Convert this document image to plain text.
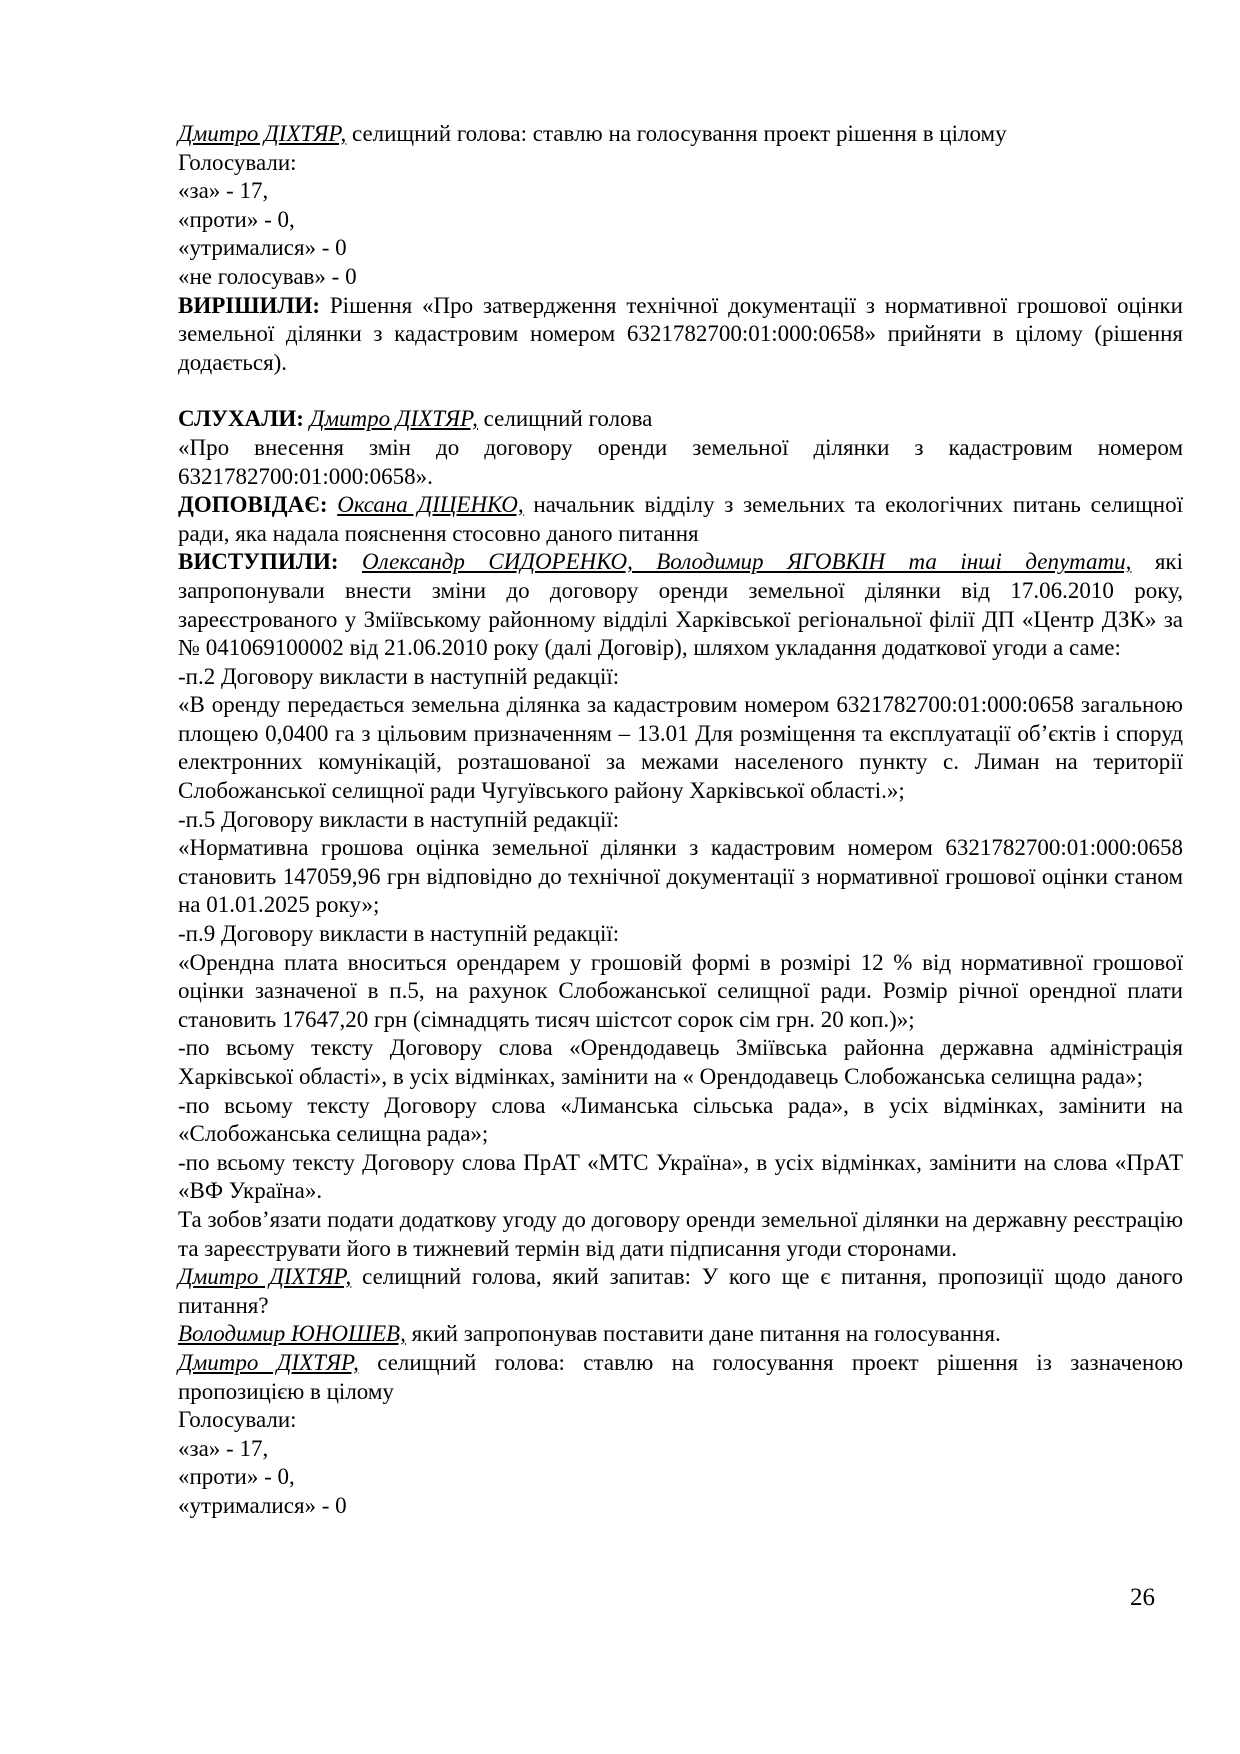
Дмитро ДІХТЯР, селищний голова: ставлю на голосування проект рішення в цілому

Голосували:

«за» - 17,

«проти» - 0,

«утрималися» - 0

«не голосував» - 0

ВИРІШИЛИ: Рішення «Про затвердження технічної документації з нормативної грошової оцінки земельної ділянки з кадастровим номером 6321782700:01:000:0658» прийняти в цілому (рішення додається).

СЛУХАЛИ: Дмитро ДІХТЯР, селищний голова

«Про внесення змін до договору оренди земельної ділянки з кадастровим номером 6321782700:01:000:0658».

ДОПОВІДАЄ: Оксана ДІЦЕНКО, начальник відділу з земельних та екологічних питань селищної ради, яка надала пояснення стосовно даного питання

ВИСТУПИЛИ: Олександр СИДОРЕНКО, Володимир ЯГОВКІН та інші депутати, які запропонували внести зміни до договору оренди земельної ділянки від 17.06.2010 року, зареєстрованого у Зміївському районному відділі Харківської регіональної філії ДП «Центр ДЗК» за № 041069100002 від 21.06.2010 року (далі Договір), шляхом укладання додаткової угоди а саме:

-п.2 Договору викласти в наступній редакції:

«В оренду передається земельна ділянка за кадастровим номером 6321782700:01:000:0658 загальною площею 0,0400 га з цільовим призначенням – 13.01 Для розміщення та експлуатації об’єктів і споруд електронних комунікацій, розташованої за межами населеного пункту с. Лиман на території Слобожанської селищної ради Чугуївського району Харківської області.»;

-п.5 Договору викласти в наступній редакції:

«Нормативна грошова оцінка земельної ділянки з кадастровим номером 6321782700:01:000:0658 становить 147059,96 грн відповідно до технічної документації з нормативної грошової оцінки станом на 01.01.2025 року»;

-п.9 Договору викласти в наступній редакції:

«Орендна плата вноситься орендарем у грошовій формі в розмірі 12 % від нормативної грошової оцінки зазначеної в п.5, на рахунок Слобожанської селищної ради. Розмір річної орендної плати становить 17647,20 грн (сімнадцять тисяч шістсот сорок сім грн. 20 коп.)»;

-по всьому тексту Договору слова «Орендодавець Зміївська районна державна адміністрація Харківської області», в усіх відмінках, замінити на « Орендодавець Слобожанська селищна рада»;

-по всьому тексту Договору слова «Лиманська сільська рада», в усіх відмінках, замінити на «Слобожанська селищна рада»;

-по всьому тексту Договору слова ПрАТ «МТС Україна», в усіх відмінках, замінити на слова «ПрАТ «ВФ Україна».

Та зобов’язати подати додаткову угоду до договору оренди земельної ділянки на державну реєстрацію та зареєструвати його в тижневий термін від дати підписання угоди сторонами.

Дмитро ДІХТЯР, селищний голова, який запитав: У кого ще є питання, пропозиції щодо даного питання?

Володимир ЮНОШЕВ, який запропонував поставити дане питання на голосування.

Дмитро ДІХТЯР, селищний голова: ставлю на голосування проект рішення із зазначеною пропозицією в цілому

Голосували:

«за» - 17,

«проти» - 0,

«утрималися» - 0

26
